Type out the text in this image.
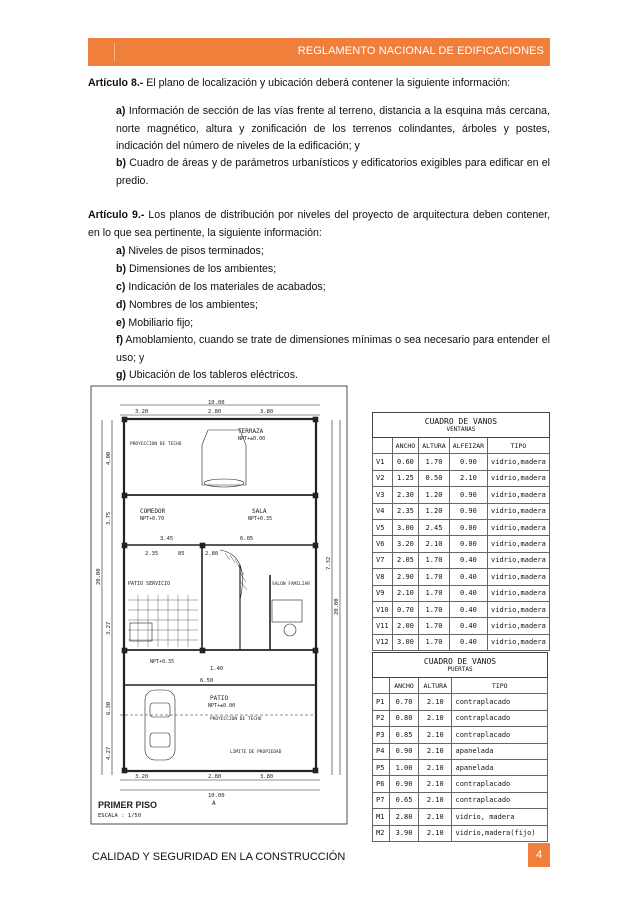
REGLAMENTO NACIONAL DE EDIFICACIONES
Artículo 8.- El plano de localización y ubicación deberá contener la siguiente información:
a) Información de sección de las vías frente al terreno, distancia a la esquina más cercana, norte magnético, altura y zonificación de los terrenos colindantes, árboles y postes, indicación del número de niveles de la edificación; y
b) Cuadro de áreas y de parámetros urbanísticos y edificatorios exigibles para edificar en el predio.
Artículo 9.- Los planos de distribución por niveles del proyecto de arquitectura deben contener, en lo que sea pertinente, la siguiente información:
a) Niveles de pisos terminados;
b) Dimensiones de los ambientes;
c) Indicación de los materiales de acabados;
d) Nombres de los ambientes;
e) Mobiliario fijo;
f) Amoblamiento, cuando se trate de dimensiones mínimas o sea necesario para entender el uso; y
g) Ubicación de los tableros eléctricos.
TERRAZA
NPT+±0.00
PROYECCION DE TECHO
COMEDOR
NPT+0.70
SALA
NPT+0.35
PATIO SERVICIO	SALON FAMILIAR
NPT+0.35
PATIO
NPT+±0.00
PROYECCION DE TECHO
LIMITE DE PROPIEDAD
3.20	2.80	3.80
10.00
3.45	6.05
2.35	85	2.80
1.40
6.50
3.20	2.80	3.80
10.00
4.00
3.75
20.00
3.27
6.30
4.27
7.32
20.00
PRIMER PISO
ESCALA : 1/50
A
CUADRO DE VANOS
VENTANAS				

	ANCHO	ALTURA	ALFEIZAR	TIPO
V1	0.60	1.70	0.90	vidrio,madera
V2	1.25	0.50	2.10	vidrio,madera
V3	2.30	1.20	0.90	vidrio,madera
V4	2.35	1.20	0.90	vidrio,madera
V5	3.00	2.45	0.00	vidrio,madera
V6	3.20	2.10	0.00	vidrio,madera
V7	2.05	1.70	0.40	vidrio,madera
V8	2.90	1.70	0.40	vidrio,madera
V9	2.10	1.70	0.40	vidrio,madera
V10	0.70	1.70	0.40	vidrio,madera
V11	2.00	1.70	0.40	vidrio,madera
V12	3.00	1.70	0.40	vidrio,madera
CUADRO DE VANOS
PUERTAS			

	ANCHO	ALTURA	TIPO
P1	0.70	2.10	contraplacado
P2	0.80	2.10	contraplacado
P3	0.85	2.10	contraplacado
P4	0.90	2.10	apanelada
P5	1.00	2.10	apanelada
P6	0.90	2.10	contraplacado
P7	0.65	2.10	contraplacado
M1	2.80	2.10	vidrio, madera
M2	3.90	2.10	vidrio,madera(fijo)
CALIDAD Y SEGURIDAD EN LA CONSTRUCCIÓN	4
